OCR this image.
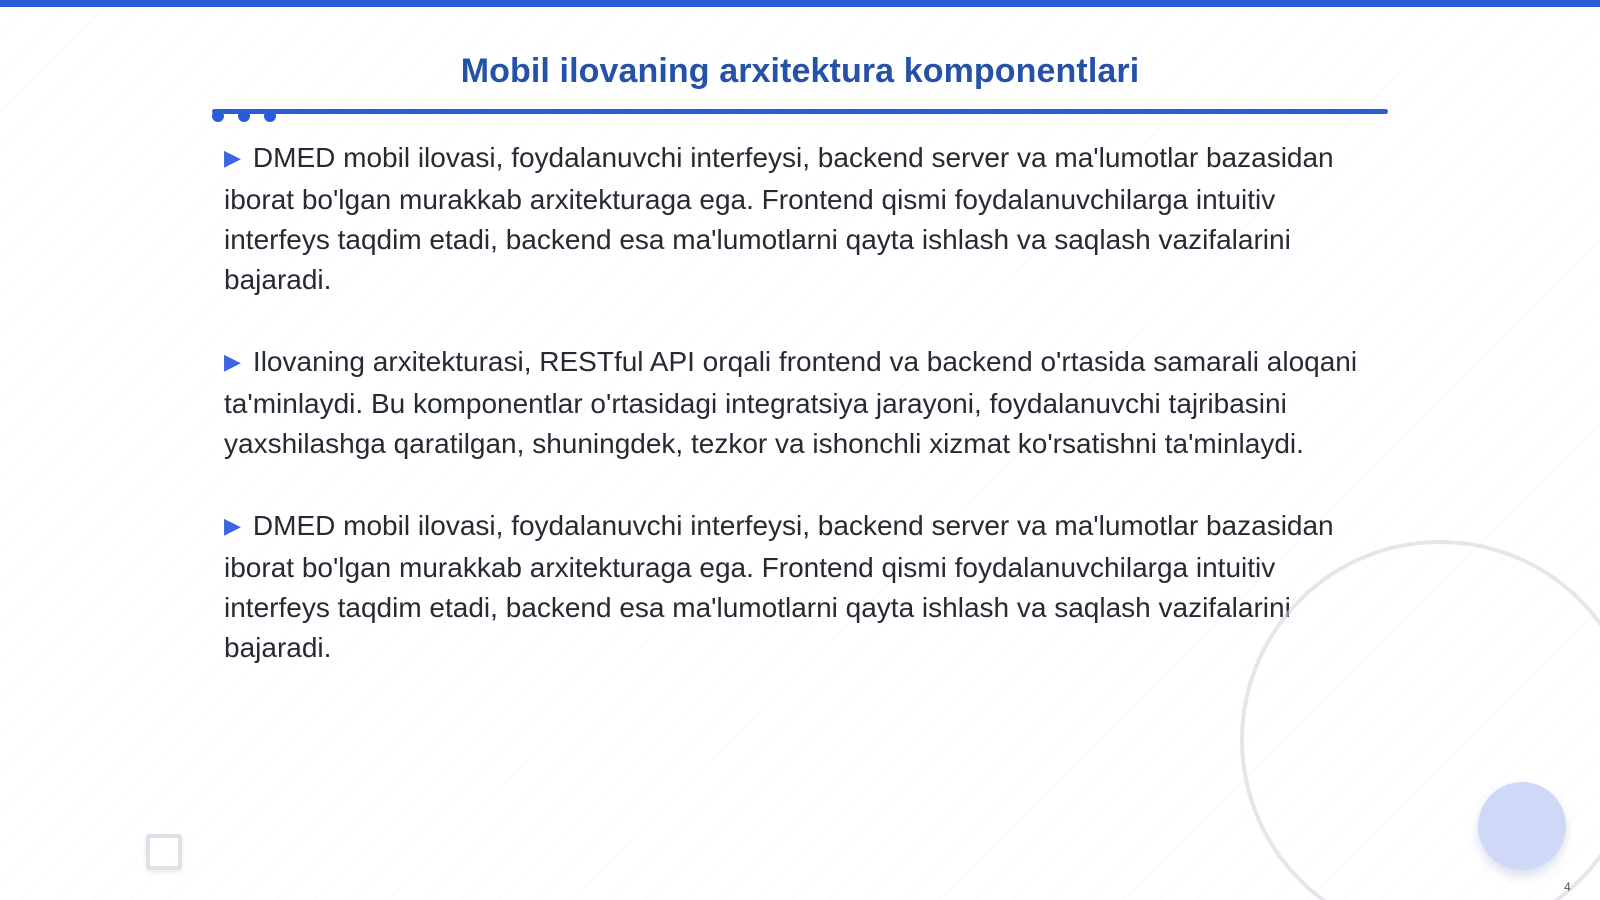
Mobil ilovaning arxitektura komponentlari

▶ DMED mobil ilovasi, foydalanuvchi interfeysi, backend server va ma'lumotlar bazasidan iborat bo'lgan murakkab arxitekturaga ega. Frontend qismi foydalanuvchilarga intuitiv interfeys taqdim etadi, backend esa ma'lumotlarni qayta ishlash va saqlash vazifalarini bajaradi.

▶ Ilovaning arxitekturasi, RESTful API orqali frontend va backend o'rtasida samarali aloqani ta'minlaydi. Bu komponentlar o'rtasidagi integratsiya jarayoni, foydalanuvchi tajribasini yaxshilashga qaratilgan, shuningdek, tezkor va ishonchli xizmat ko'rsatishni ta'minlaydi.

▶ DMED mobil ilovasi, foydalanuvchi interfeysi, backend server va ma'lumotlar bazasidan iborat bo'lgan murakkab arxitekturaga ega. Frontend qismi foydalanuvchilarga intuitiv interfeys taqdim etadi, backend esa ma'lumotlarni qayta ishlash va saqlash vazifalarini bajaradi.

4
